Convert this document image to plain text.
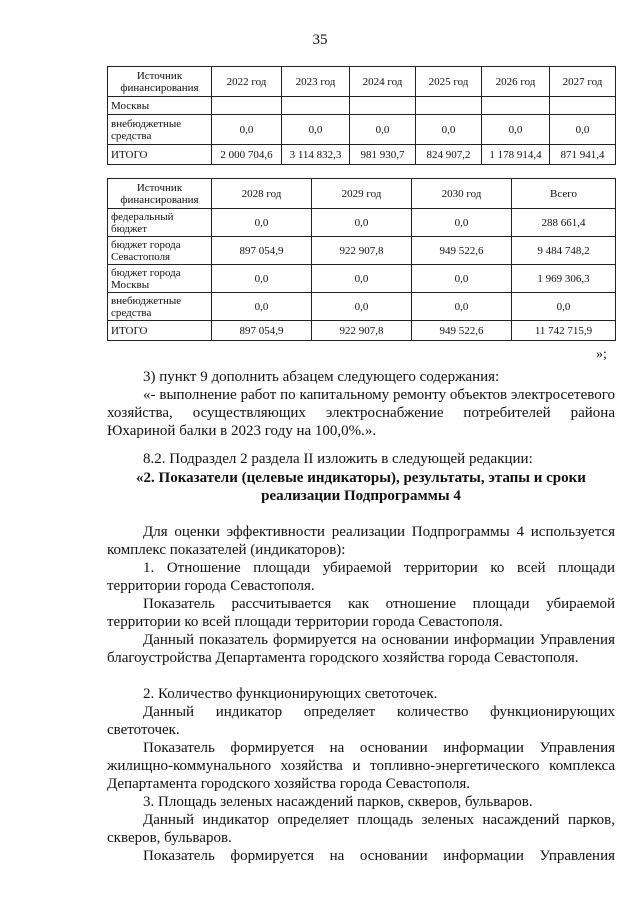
35
Источник финансирования	2022 год	2023 год	2024 год	2025 год	2026 год	2027 год
Москвы						
внебюджетные средства	0,0	0,0	0,0	0,0	0,0	0,0
ИТОГО	2 000 704,6	3 114 832,3	981 930,7	824 907,2	1 178 914,4	871 941,4
Источник финансирования	2028 год	2029 год	2030 год	Всего
федеральный бюджет	0,0	0,0	0,0	288 661,4
бюджет города Севастополя	897 054,9	922 907,8	949 522,6	9 484 748,2
бюджет города Москвы	0,0	0,0	0,0	1 969 306,3
внебюджетные средства	0,0	0,0	0,0	0,0
ИТОГО	897 054,9	922 907,8	949 522,6	11 742 715,9
»;
3) пункт 9 дополнить абзацем следующего содержания:
«- выполнение работ по капитальному ремонту объектов электросетевого хозяйства, осуществляющих электроснабжение потребителей района Юхариной балки в 2023 году на 100,0%.».
8.2. Подраздел 2 раздела II изложить в следующей редакции:
«2. Показатели (целевые индикаторы), результаты, этапы и сроки реализации Подпрограммы 4
Для оценки эффективности реализации Подпрограммы 4 используется комплекс показателей (индикаторов):
1. Отношение площади убираемой территории ко всей площади территории города Севастополя.
Показатель рассчитывается как отношение площади убираемой территории ко всей площади территории города Севастополя.
Данный показатель формируется на основании информации Управления благоустройства Департамента городского хозяйства города Севастополя.
2. Количество функционирующих светоточек.
Данный индикатор определяет количество функционирующих светоточек.
Показатель формируется на основании информации Управления жилищно-коммунального хозяйства и топливно-энергетического комплекса Департамента городского хозяйства города Севастополя.
3. Площадь зеленых насаждений парков, скверов, бульваров.
Данный индикатор определяет площадь зеленых насаждений парков, скверов, бульваров.
Показатель формируется на основании информации Управления
